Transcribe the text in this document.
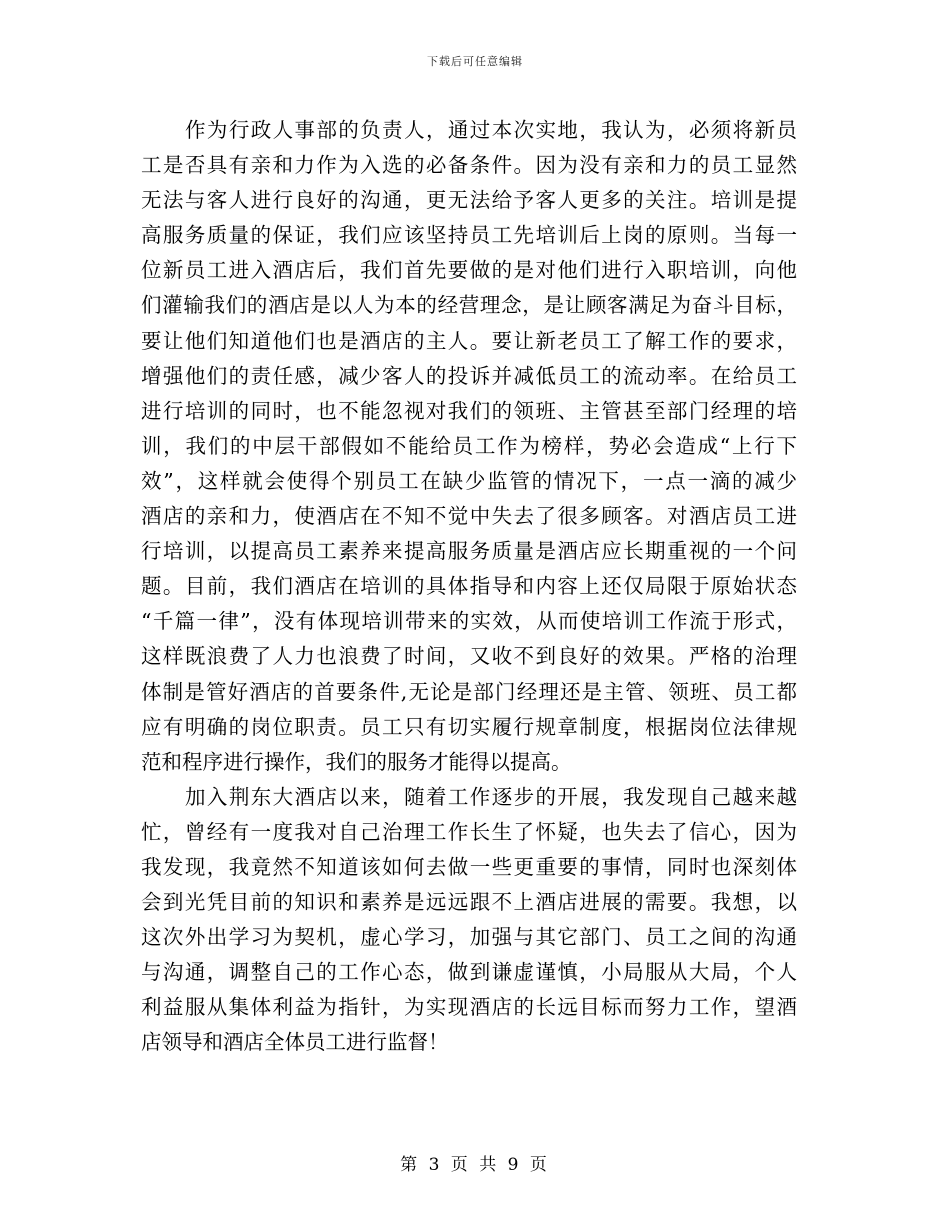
下载后可任意编辑
作为行政人事部的负责人，通过本次实地，我认为，必须将新员
工是否具有亲和力作为入选的必备条件。因为没有亲和力的员工显然
无法与客人进行良好的沟通，更无法给予客人更多的关注。培训是提
高服务质量的保证，我们应该坚持员工先培训后上岗的原则。当每一
位新员工进入酒店后，我们首先要做的是对他们进行入职培训，向他
们灌输我们的酒店是以人为本的经营理念，是让顾客满足为奋斗目标，
要让他们知道他们也是酒店的主人。要让新老员工了解工作的要求，
增强他们的责任感，减少客人的投诉并减低员工的流动率。在给员工
进行培训的同时，也不能忽视对我们的领班、主管甚至部门经理的培
训，我们的中层干部假如不能给员工作为榜样，势必会造成“上行下
效”，这样就会使得个别员工在缺少监管的情况下，一点一滴的减少
酒店的亲和力，使酒店在不知不觉中失去了很多顾客。对酒店员工进
行培训，以提高员工素养来提高服务质量是酒店应长期重视的一个问
题。目前，我们酒店在培训的具体指导和内容上还仅局限于原始状态
“千篇一律”，没有体现培训带来的实效，从而使培训工作流于形式，
这样既浪费了人力也浪费了时间，又收不到良好的效果。严格的治理
体制是管好酒店的首要条件,无论是部门经理还是主管、领班、员工都
应有明确的岗位职责。员工只有切实履行规章制度，根据岗位法律规
范和程序进行操作，我们的服务才能得以提高。
加入荆东大酒店以来，随着工作逐步的开展，我发现自己越来越
忙，曾经有一度我对自己治理工作长生了怀疑，也失去了信心，因为
我发现，我竟然不知道该如何去做一些更重要的事情，同时也深刻体
会到光凭目前的知识和素养是远远跟不上酒店进展的需要。我想，以
这次外出学习为契机，虚心学习，加强与其它部门、员工之间的沟通
与沟通，调整自己的工作心态，做到谦虚谨慎，小局服从大局，个人
利益服从集体利益为指针，为实现酒店的长远目标而努力工作，望酒
店领导和酒店全体员工进行监督！
第 3 页 共 9 页
